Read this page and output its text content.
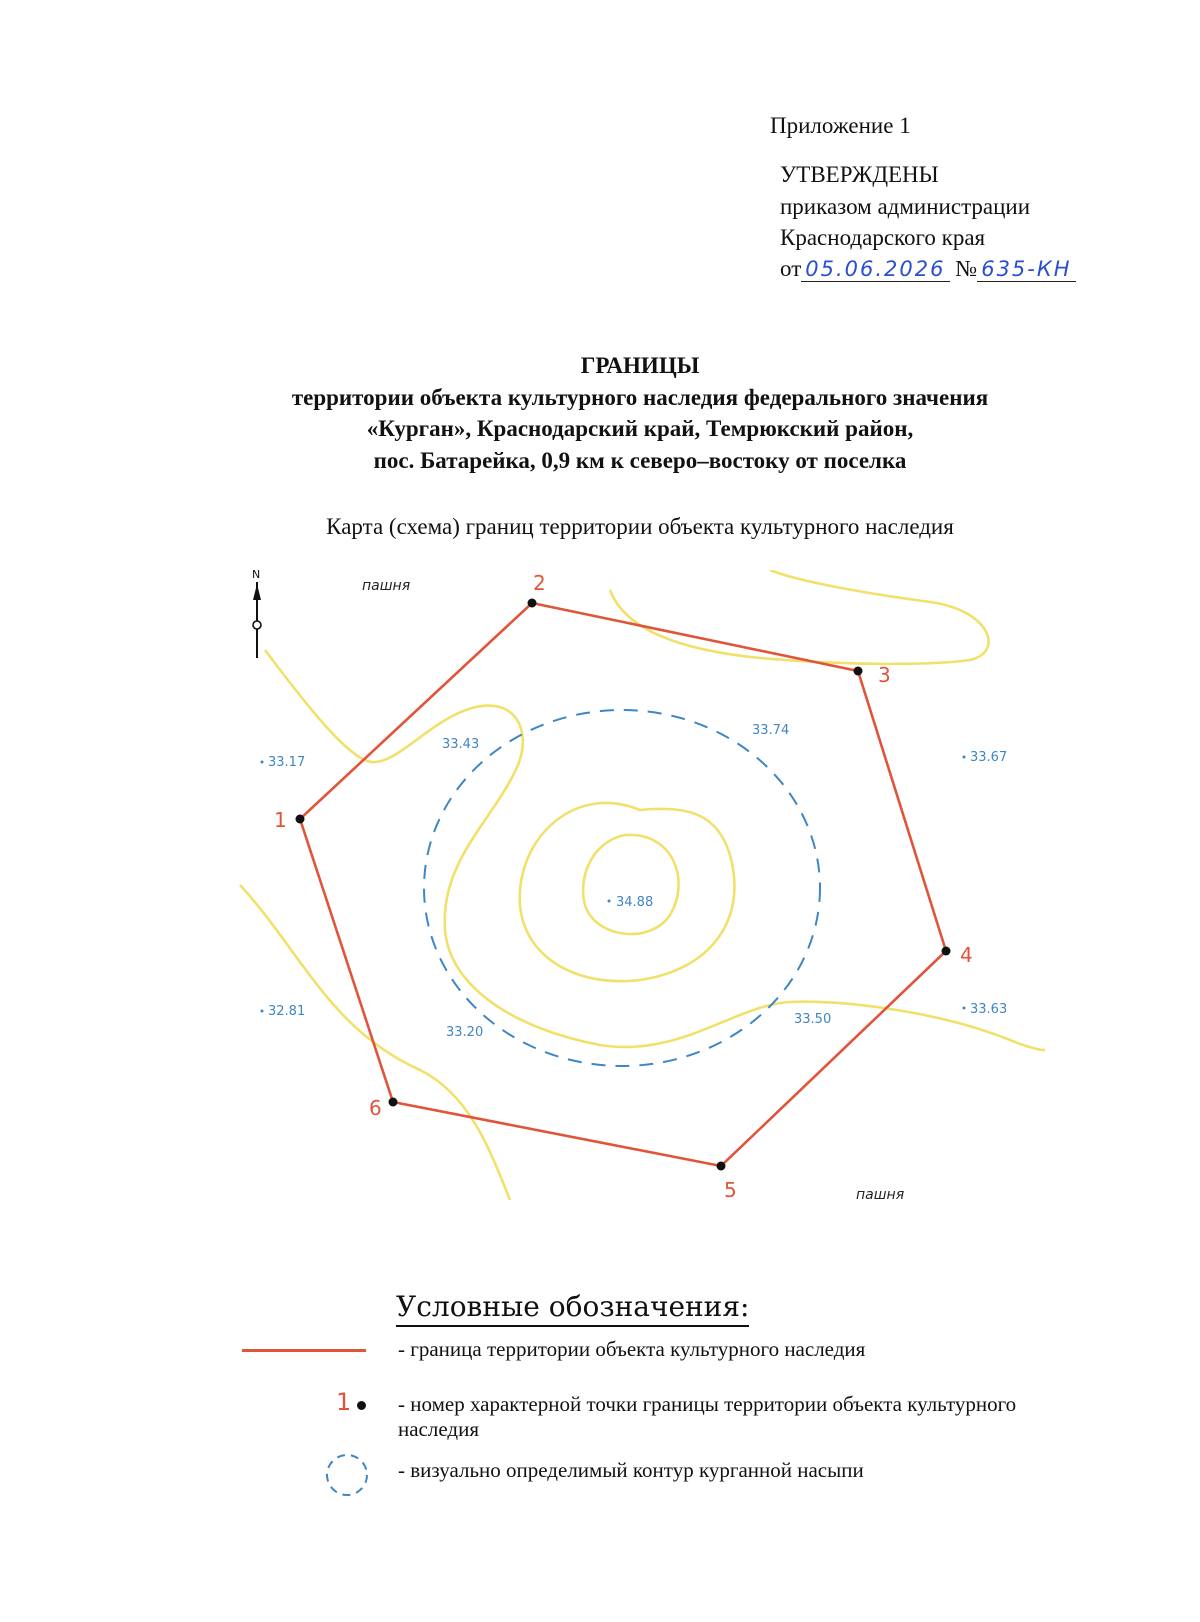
Приложение 1
УТВЕРЖДЕНЫ
приказом администрации
Краснодарского края
от 05.06.2026 № 635-КН
ГРАНИЦЫ
территории объекта культурного наследия федерального значения
«Курган», Краснодарский край, Темрюкский район,
пос. Батарейка, 0,9 км к северо–востоку от поселка
Карта (схема) границ территории объекта культурного наследия
1
2
3
4
5
6
33.17
33.43
33.74
33.67
34.88
32.81
33.20
33.50
33.63
пашня
пашня
N
Условные обозначения:
- граница территории объекта культурного наследия
1 - номер характерной точки границы территории объекта культурного наследия
- визуально определимый контур курганной насыпи
